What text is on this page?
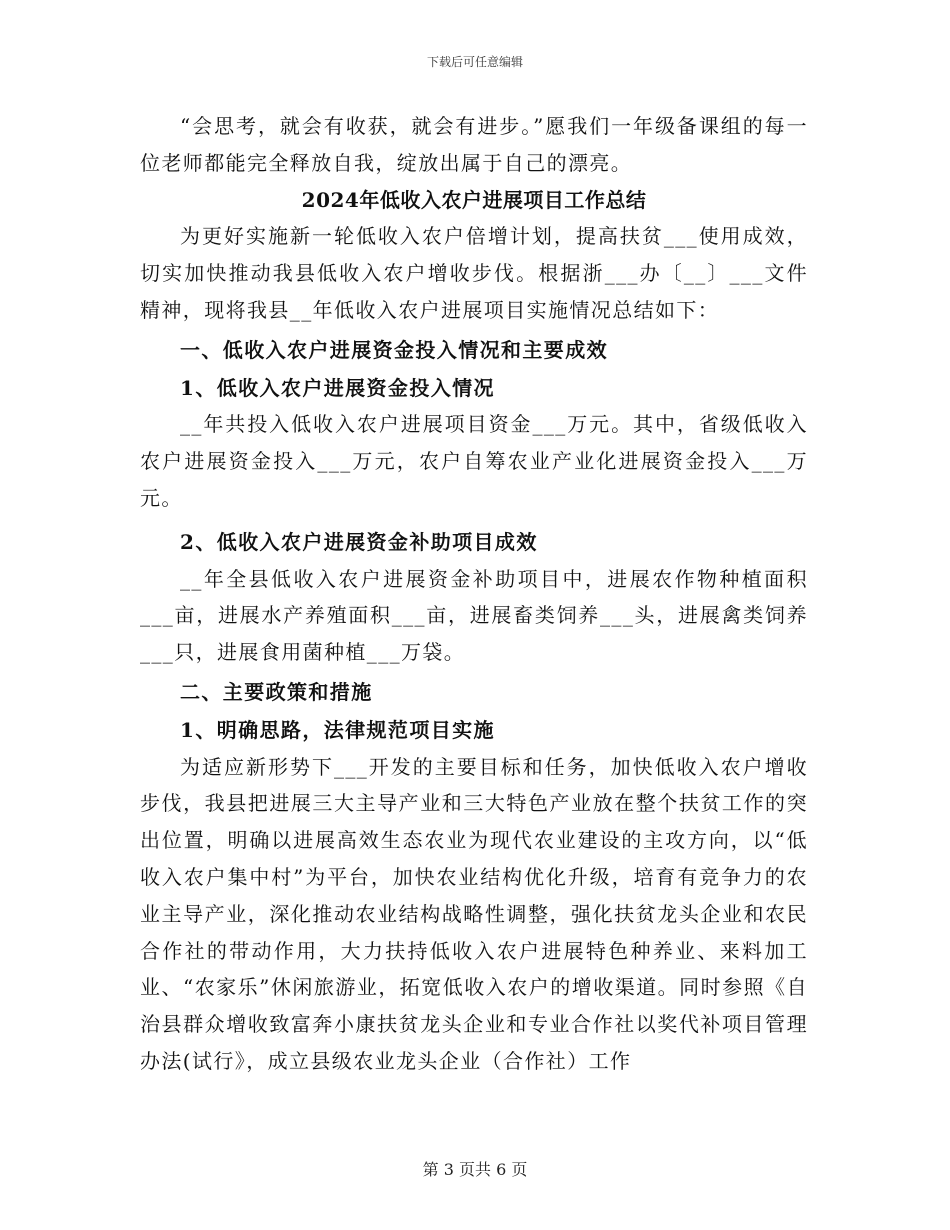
下载后可任意编辑

“会思考，就会有收获，就会有进步。”愿我们一年级备课组的每一位老师都能完全释放自我，绽放出属于自己的漂亮。

2024年低收入农户进展项目工作总结

为更好实施新一轮低收入农户倍增计划，提高扶贫___使用成效，切实加快推动我县低收入农户增收步伐。根据浙___办〔__〕___文件精神，现将我县__年低收入农户进展项目实施情况总结如下：

一、低收入农户进展资金投入情况和主要成效

1、低收入农户进展资金投入情况

__年共投入低收入农户进展项目资金___万元。其中，省级低收入农户进展资金投入___万元，农户自筹农业产业化进展资金投入___万元。

2、低收入农户进展资金补助项目成效

__年全县低收入农户进展资金补助项目中，进展农作物种植面积___亩，进展水产养殖面积___亩，进展畜类饲养___头，进展禽类饲养___只，进展食用菌种植___万袋。

二、主要政策和措施

1、明确思路，法律规范项目实施

为适应新形势下___开发的主要目标和任务，加快低收入农户增收步伐，我县把进展三大主导产业和三大特色产业放在整个扶贫工作的突出位置，明确以进展高效生态农业为现代农业建设的主攻方向，以“低收入农户集中村”为平台，加快农业结构优化升级，培育有竞争力的农业主导产业，深化推动农业结构战略性调整，强化扶贫龙头企业和农民合作社的带动作用，大力扶持低收入农户进展特色种养业、来料加工业、“农家乐”休闲旅游业，拓宽低收入农户的增收渠道。同时参照《自治县群众增收致富奔小康扶贫龙头企业和专业合作社以奖代补项目管理办法(试行》，成立县级农业龙头企业（合作社）工作

第 3 页共 6 页
